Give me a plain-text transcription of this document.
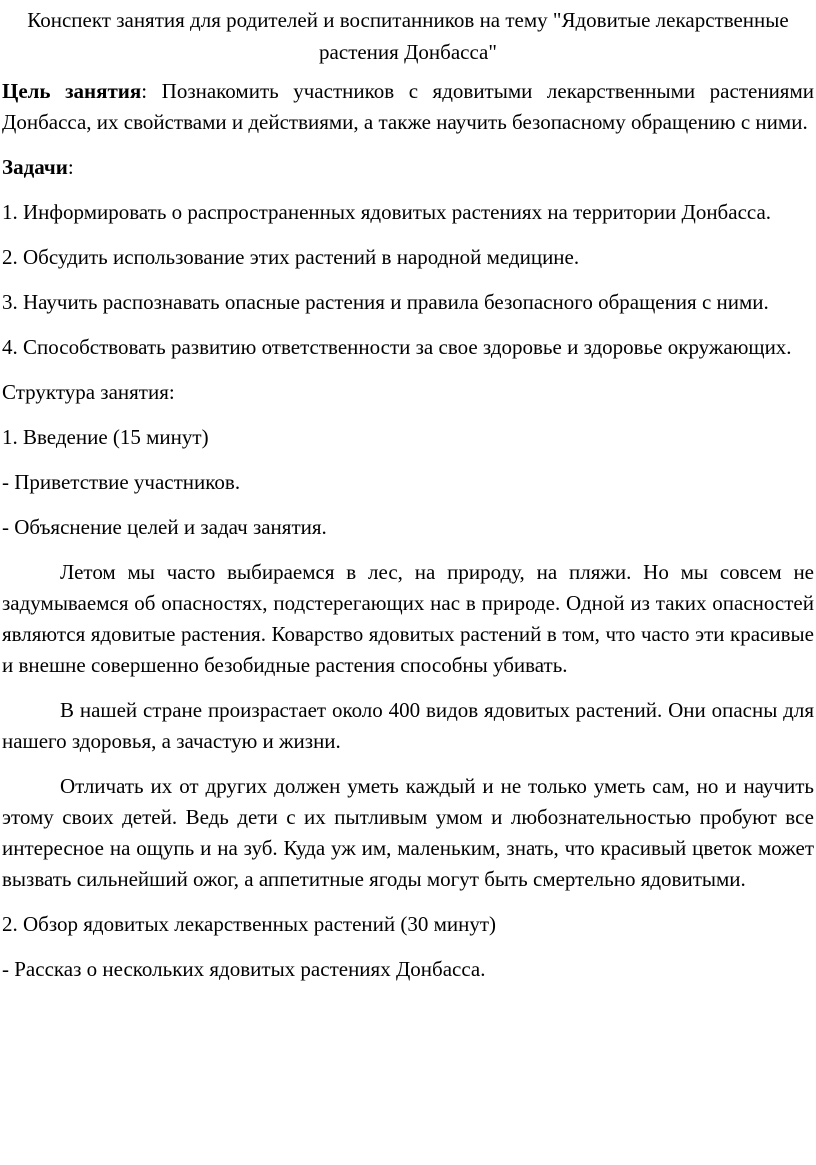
Конспект занятия для родителей и воспитанников на тему "Ядовитые лекарственные растения Донбасса"

Цель занятия: Познакомить участников с ядовитыми лекарственными растениями Донбасса, их свойствами и действиями, а также научить безопасному обращению с ними.

Задачи:

1. Информировать о распространенных ядовитых растениях на территории Донбасса.

2. Обсудить использование этих растений в народной медицине.

3. Научить распознавать опасные растения и правила безопасного обращения с ними.

4. Способствовать развитию ответственности за свое здоровье и здоровье окружающих.

Структура занятия:

1. Введение (15 минут)

- Приветствие участников.

- Объяснение целей и задач занятия.

Летом мы часто выбираемся в лес, на природу, на пляжи. Но мы совсем не задумываемся об опасностях, подстерегающих нас в природе. Одной из таких опасностей являются ядовитые растения. Коварство ядовитых растений в том, что часто эти красивые и внешне совершенно безобидные растения способны убивать.

В нашей стране произрастает около 400 видов ядовитых растений. Они опасны для нашего здоровья, а зачастую и жизни.

Отличать их от других должен уметь каждый и не только уметь сам, но и научить этому своих детей. Ведь дети с их пытливым умом и любознательностью пробуют все интересное на ощупь и на зуб. Куда уж им, маленьким, знать, что красивый цветок может вызвать сильнейший ожог, а аппетитные ягоды могут быть смертельно ядовитыми.

2. Обзор ядовитых лекарственных растений (30 минут)

- Рассказ о нескольких ядовитых растениях Донбасса.
